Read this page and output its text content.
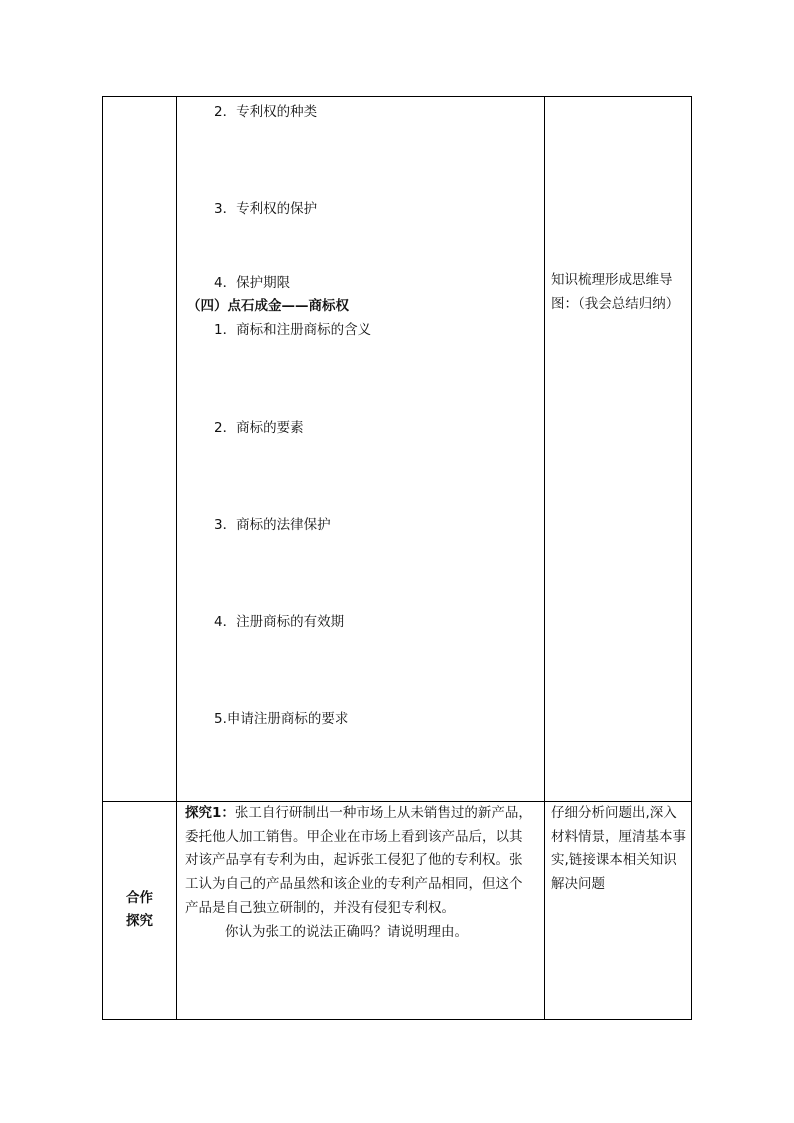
2．专利权的种类
3．专利权的保护
4．保护期限
（四）点石成金——商标权
1．商标和注册商标的含义
2．商标的要素
3．商标的法律保护
4．注册商标的有效期
5.申请注册商标的要求
知识梳理形成思维导
图：（我会总结归纳）
合作
探究
探究1：张工自行研制出一种市场上从未销售过的新产品，
委托他人加工销售。甲企业在市场上看到该产品后，以其
对该产品享有专利为由，起诉张工侵犯了他的专利权。张
工认为自己的产品虽然和该企业的专利产品相同，但这个
产品是自己独立研制的，并没有侵犯专利权。
你认为张工的说法正确吗？请说明理由。
仔细分析问题出,深入
材料情景，厘清基本事
实,链接课本相关知识
解决问题
